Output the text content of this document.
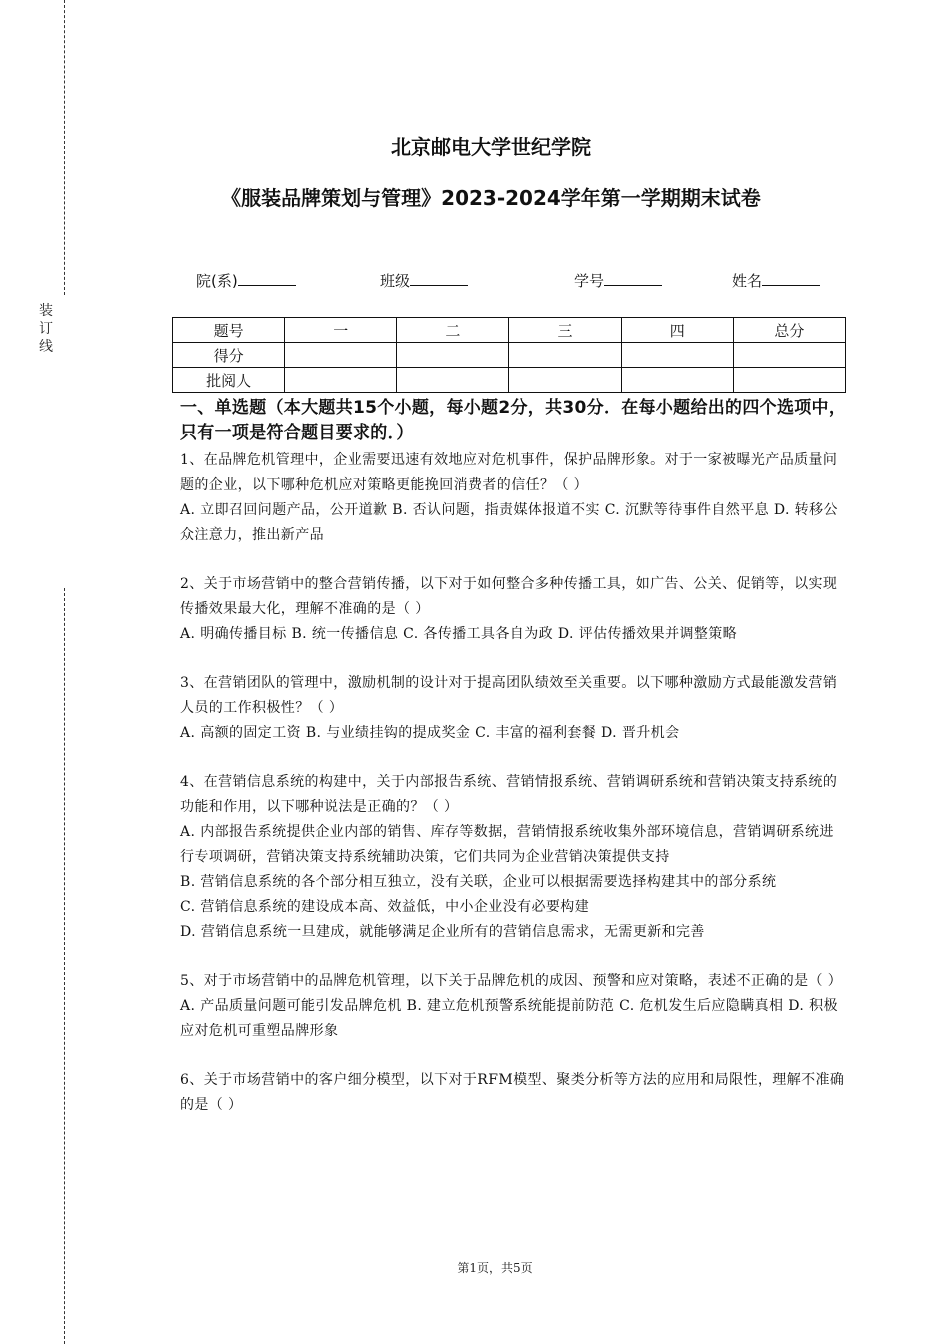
装订线
北京邮电大学世纪学院
《服装品牌策划与管理》2023-2024学年第一学期期末试卷
院(系)	班级	学号	姓名
题号	一	二	三	四	总分
得分					
批阅人					
一、单选题（本大题共15个小题，每小题2分，共30分．在每小题给出的四个选项中，只有一项是符合题目要求的．）

1、在品牌危机管理中，企业需要迅速有效地应对危机事件，保护品牌形象。对于一家被曝光产品质量问题的企业，以下哪种危机应对策略更能挽回消费者的信任？（ ）

A. 立即召回问题产品，公开道歉 B. 否认问题，指责媒体报道不实 C. 沉默等待事件自然平息 D. 转移公众注意力，推出新产品

2、关于市场营销中的整合营销传播，以下对于如何整合多种传播工具，如广告、公关、促销等，以实现传播效果最大化，理解不准确的是（ ）

A. 明确传播目标 B. 统一传播信息 C. 各传播工具各自为政 D. 评估传播效果并调整策略

3、在营销团队的管理中，激励机制的设计对于提高团队绩效至关重要。以下哪种激励方式最能激发营销人员的工作积极性？（ ）

A. 高额的固定工资 B. 与业绩挂钩的提成奖金 C. 丰富的福利套餐 D. 晋升机会

4、在营销信息系统的构建中，关于内部报告系统、营销情报系统、营销调研系统和营销决策支持系统的功能和作用，以下哪种说法是正确的？（ ）

A. 内部报告系统提供企业内部的销售、库存等数据，营销情报系统收集外部环境信息，营销调研系统进行专项调研，营销决策支持系统辅助决策，它们共同为企业营销决策提供支持

B. 营销信息系统的各个部分相互独立，没有关联，企业可以根据需要选择构建其中的部分系统

C. 营销信息系统的建设成本高、效益低，中小企业没有必要构建

D. 营销信息系统一旦建成，就能够满足企业所有的营销信息需求，无需更新和完善

5、对于市场营销中的品牌危机管理，以下关于品牌危机的成因、预警和应对策略，表述不正确的是（ ）

A. 产品质量问题可能引发品牌危机 B. 建立危机预警系统能提前防范 C. 危机发生后应隐瞒真相 D. 积极应对危机可重塑品牌形象

6、关于市场营销中的客户细分模型，以下对于RFM模型、聚类分析等方法的应用和局限性，理解不准确的是（ ）

第1页，共5页
